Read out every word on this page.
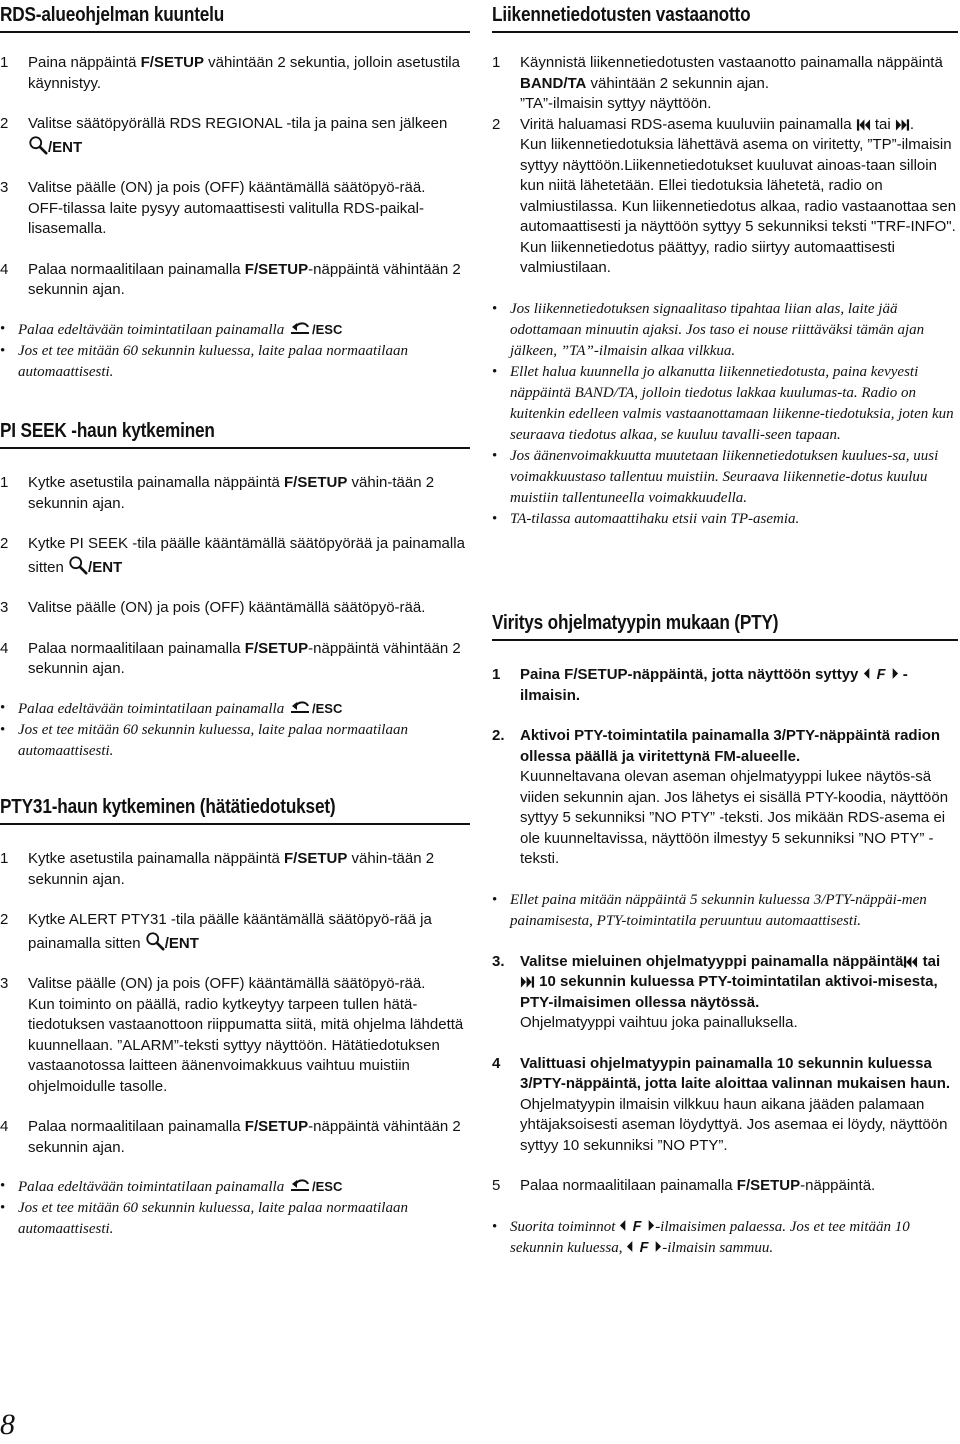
RDS-alueohjelman kuuntelu

1 Paina näppäintä F/SETUP vähintään 2 sekuntia, jolloin asetustila käynnistyy.

2 Valitse säätöpyörällä RDS REGIONAL -tila ja paina sen jälkeen /ENT

3 Valitse päälle (ON) ja pois (OFF) kääntämällä säätöpyö-rää.
OFF-tilassa laite pysyy automaattisesti valitulla RDS-paikal-lisasemalla.

4 Palaa normaalitilaan painamalla F/SETUP-näppäintä vähintään 2 sekunnin ajan.

• Palaa edeltävään toimintatilaan painamalla /ESC

• Jos et tee mitään 60 sekunnin kuluessa, laite palaa normaatilaan automaattisesti.

PI SEEK -haun kytkeminen

1 Kytke asetustila painamalla näppäintä F/SETUP vähin-tään 2 sekunnin ajan.

2 Kytke PI SEEK -tila päälle kääntämällä säätöpyörää ja painamalla sitten /ENT

3 Valitse päälle (ON) ja pois (OFF) kääntämällä säätöpyö-rää.

4 Palaa normaalitilaan painamalla F/SETUP-näppäintä vähintään 2 sekunnin ajan.

• Palaa edeltävään toimintatilaan painamalla /ESC

• Jos et tee mitään 60 sekunnin kuluessa, laite palaa normaatilaan automaattisesti.

PTY31-haun kytkeminen (hätätiedotukset)

1 Kytke asetustila painamalla näppäintä F/SETUP vähin-tään 2 sekunnin ajan.

2 Kytke ALERT PTY31 -tila päälle kääntämällä säätöpyö-rää ja painamalla sitten /ENT

3 Valitse päälle (ON) ja pois (OFF) kääntämällä säätöpyö-rää.
Kun toiminto on päällä, radio kytkeytyy tarpeen tullen hätä-tiedotuksen vastaanottoon riippumatta siitä, mitä ohjelma lähdettä kuunnellaan. ”ALARM”-teksti syttyy näyttöön. Hätätiedotuksen vastaanotossa laitteen äänenvoimakkuus vaihtuu muistiin ohjelmoidulle tasolle.

4 Palaa normaalitilaan painamalla F/SETUP-näppäintä vähintään 2 sekunnin ajan.

• Palaa edeltävään toimintatilaan painamalla /ESC

• Jos et tee mitään 60 sekunnin kuluessa, laite palaa normaatilaan automaattisesti.

8
Liikennetiedotusten vastaanotto

1 Käynnistä liikennetiedotusten vastaanotto painamalla näppäintä BAND/TA vähintään 2 sekunnin ajan.
”TA”-ilmaisin syttyy näyttöön.

2 Viritä haluamasi RDS-asema kuuluviin painamalla  tai .
Kun liikennetiedotuksia lähettävä asema on viritetty, ”TP”-ilmaisin syttyy näyttöön.Liikennetiedotukset kuuluvat ainoas-taan silloin kun niitä lähetetään. Ellei tiedotuksia lähetetä, radio on valmiustilassa. Kun liikennetiedotus alkaa, radio vastaanottaa sen automaattisesti ja näyttöön syttyy 5 sekunniksi teksti "TRF-INFO". Kun liikennetiedotus päättyy, radio siirtyy automaattisesti valmiustilaan.

• Jos liikennetiedotuksen signaalitaso tipahtaa liian alas, laite jää odottamaan minuutin ajaksi. Jos taso ei nouse riittäväksi tämän ajan jälkeen, ”TA”-ilmaisin alkaa vilkkua.

• Ellet halua kuunnella jo alkanutta liikennetiedotusta, paina kevyesti näppäintä BAND/TA, jolloin tiedotus lakkaa kuulumas-ta. Radio on kuitenkin edelleen valmis vastaanottamaan liikenne-tiedotuksia, joten kun seuraava tiedotus alkaa, se kuuluu tavalli-seen tapaan.

• Jos äänenvoimakkuutta muutetaan liikennetiedotuksen kuulues-sa, uusi voimakkuustaso tallentuu muistiin. Seuraava liikennetie-dotus kuuluu muistiin tallentuneella voimakkuudella.

• TA-tilassa automaattihaku etsii vain TP-asemia.

Viritys ohjelmatyypin mukaan (PTY)

1 Paina F/SETUP-näppäintä, jotta näyttöön syttyy  -ilmaisin.

2. Aktivoi PTY-toimintatila painamalla 3/PTY-näppäintä radion ollessa päällä ja viritettynä FM-alueelle.
Kuunneltavana olevan aseman ohjelmatyyppi lukee näytös-sä viiden sekunnin ajan. Jos lähetys ei sisällä PTY-koodia, näyttöön syttyy 5 sekunniksi ”NO PTY” -teksti. Jos mikään RDS-asema ei ole kuunneltavissa, näyttöön ilmestyy 5 sekunniksi ”NO PTY” -teksti.

• Ellet paina mitään näppäintä 5 sekunnin kuluessa 3/PTY-näppäi-men painamisesta, PTY-toimintatila peruuntuu automaattisesti.

3. Valitse mieluinen ohjelmatyyppi painamalla näppäintä tai  10 sekunnin kuluessa PTY-toimintatilan aktivoi-misesta, PTY-ilmaisimen ollessa näytössä.
Ohjelmatyyppi vaihtuu joka painalluksella.

4 Valittuasi ohjelmatyypin painamalla 10 sekunnin kuluessa 3/PTY-näppäintä, jotta laite aloittaa valinnan mukaisen haun.
Ohjelmatyypin ilmaisin vilkkuu haun aikana jääden palamaan yhtäjaksoisesti aseman löydyttyä. Jos asemaa ei löydy, näyttöön syttyy 10 sekunniksi ”NO PTY”.

5 Palaa normaalitilaan painamalla F/SETUP-näppäintä.

• Suorita toiminnot -ilmaisimen palaessa. Jos et tee mitään 10 sekunnin kuluessa, -ilmaisin sammuu.
